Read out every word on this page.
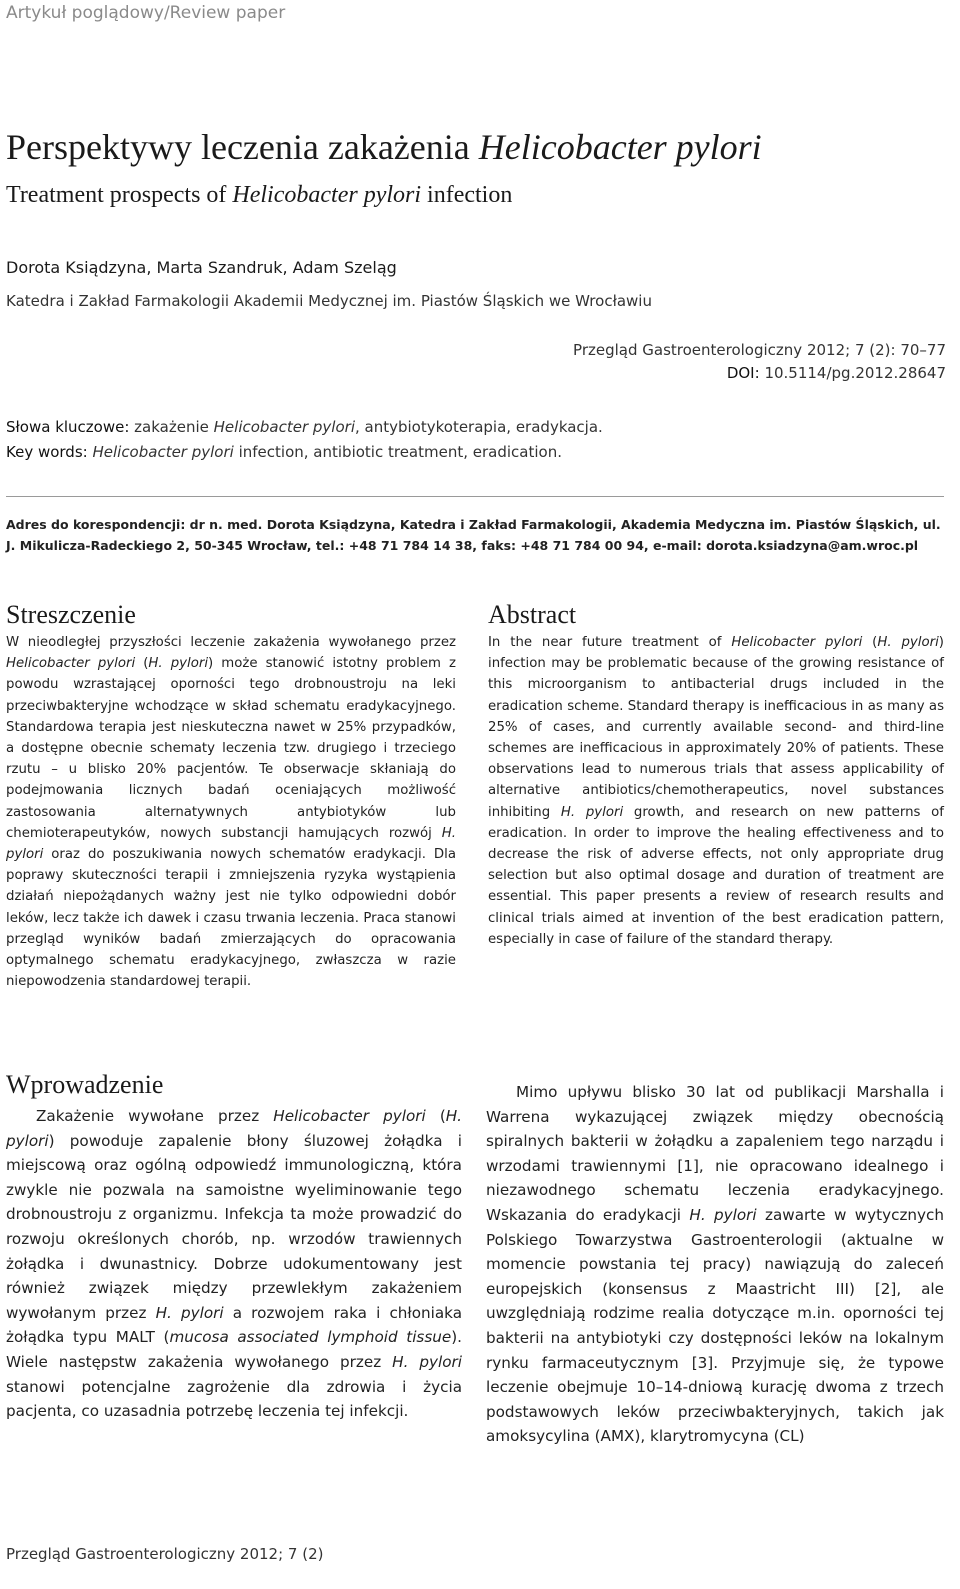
Artykuł poglądowy/Review paper
Perspektywy leczenia zakażenia Helicobacter pylori
Treatment prospects of Helicobacter pylori infection
Dorota Ksiądzyna, Marta Szandruk, Adam Szeląg
Katedra i Zakład Farmakologii Akademii Medycznej im. Piastów Śląskich we Wrocławiu
Przegląd Gastroenterologiczny 2012; 7 (2): 70–77
DOI: 10.5114/pg.2012.28647
Słowa kluczowe: zakażenie Helicobacter pylori, antybiotykoterapia, eradykacja.
Key words: Helicobacter pylori infection, antibiotic treatment, eradication.
Adres do korespondencji: dr n. med. Dorota Ksiądzyna, Katedra i Zakład Farmakologii, Akademia Medyczna im. Piastów Śląskich, ul. J. Mikulicza-Radeckiego 2, 50-345 Wrocław, tel.: +48 71 784 14 38, faks: +48 71 784 00 94, e-mail: dorota.ksiadzyna@am.wroc.pl
Streszczenie
W nieodległej przyszłości leczenie zakażenia wywołanego przez Helicobacter pylori (H. pylori) może stanowić istotny problem z powodu wzrastającej oporności tego drobnoustroju na leki przeciwbakteryjne wchodzące w skład schematu eradykacyjnego. Standardowa terapia jest nieskuteczna nawet w 25% przypadków, a dostępne obecnie schematy leczenia tzw. drugiego i trzeciego rzutu – u blisko 20% pacjentów. Te obserwacje skłaniają do podejmowania licznych badań oceniających możliwość zastosowania alternatywnych antybiotyków lub chemioterapeutyków, nowych substancji hamujących rozwój H. pylori oraz do poszukiwania nowych schematów eradykacji. Dla poprawy skuteczności terapii i zmniejszenia ryzyka wystąpienia działań niepożądanych ważny jest nie tylko odpowiedni dobór leków, lecz także ich dawek i czasu trwania leczenia. Praca stanowi przegląd wyników badań zmierzających do opracowania optymalnego schematu eradykacyjnego, zwłaszcza w razie niepowodzenia standardowej terapii.
Abstract
In the near future treatment of Helicobacter pylori (H. pylori) infection may be problematic because of the growing resistance of this microorganism to antibacterial drugs included in the eradication scheme. Standard therapy is inefficacious in as many as 25% of cases, and currently available second- and third-line schemes are inefficacious in approximately 20% of patients. These observations lead to numerous trials that assess applicability of alternative antibiotics/chemotherapeutics, novel substances inhibiting H. pylori growth, and research on new patterns of eradication. In order to improve the healing effectiveness and to decrease the risk of adverse effects, not only appropriate drug selection but also optimal dosage and duration of treatment are essential. This paper presents a review of research results and clinical trials aimed at invention of the best eradication pattern, especially in case of failure of the standard therapy.
Wprowadzenie
Zakażenie wywołane przez Helicobacter pylori (H. pylori) powoduje zapalenie błony śluzowej żołądka i miejscową oraz ogólną odpowiedź immunologiczną, która zwykle nie pozwala na samoistne wyeliminowanie tego drobnoustroju z organizmu. Infekcja ta może prowadzić do rozwoju określonych chorób, np. wrzodów trawiennych żołądka i dwunastnicy. Dobrze udokumentowany jest również związek między przewlekłym zakażeniem wywołanym przez H. pylori a rozwojem raka i chłoniaka żołądka typu MALT (mucosa associated lymphoid tissue). Wiele następstw zakażenia wywołanego przez H. pylori stanowi potencjalne zagrożenie dla zdrowia i życia pacjenta, co uzasadnia potrzebę leczenia tej infekcji.
Mimo upływu blisko 30 lat od publikacji Marshalla i Warrena wykazującej związek między obecnością spiralnych bakterii w żołądku a zapaleniem tego narządu i wrzodami trawiennymi [1], nie opracowano idealnego i niezawodnego schematu leczenia eradykacyjnego. Wskazania do eradykacji H. pylori zawarte w wytycznych Polskiego Towarzystwa Gastroenterologii (aktualne w momencie powstania tej pracy) nawiązują do zaleceń europejskich (konsensus z Maastricht III) [2], ale uwzględniają rodzime realia dotyczące m.in. oporności tej bakterii na antybiotyki czy dostępności leków na lokalnym rynku farmaceutycznym [3]. Przyjmuje się, że typowe leczenie obejmuje 10–14-dniową kurację dwoma z trzech podstawowych leków przeciwbakteryjnych, takich jak amoksycylina (AMX), klarytromycyna (CL)
Przegląd Gastroenterologiczny 2012; 7 (2)
